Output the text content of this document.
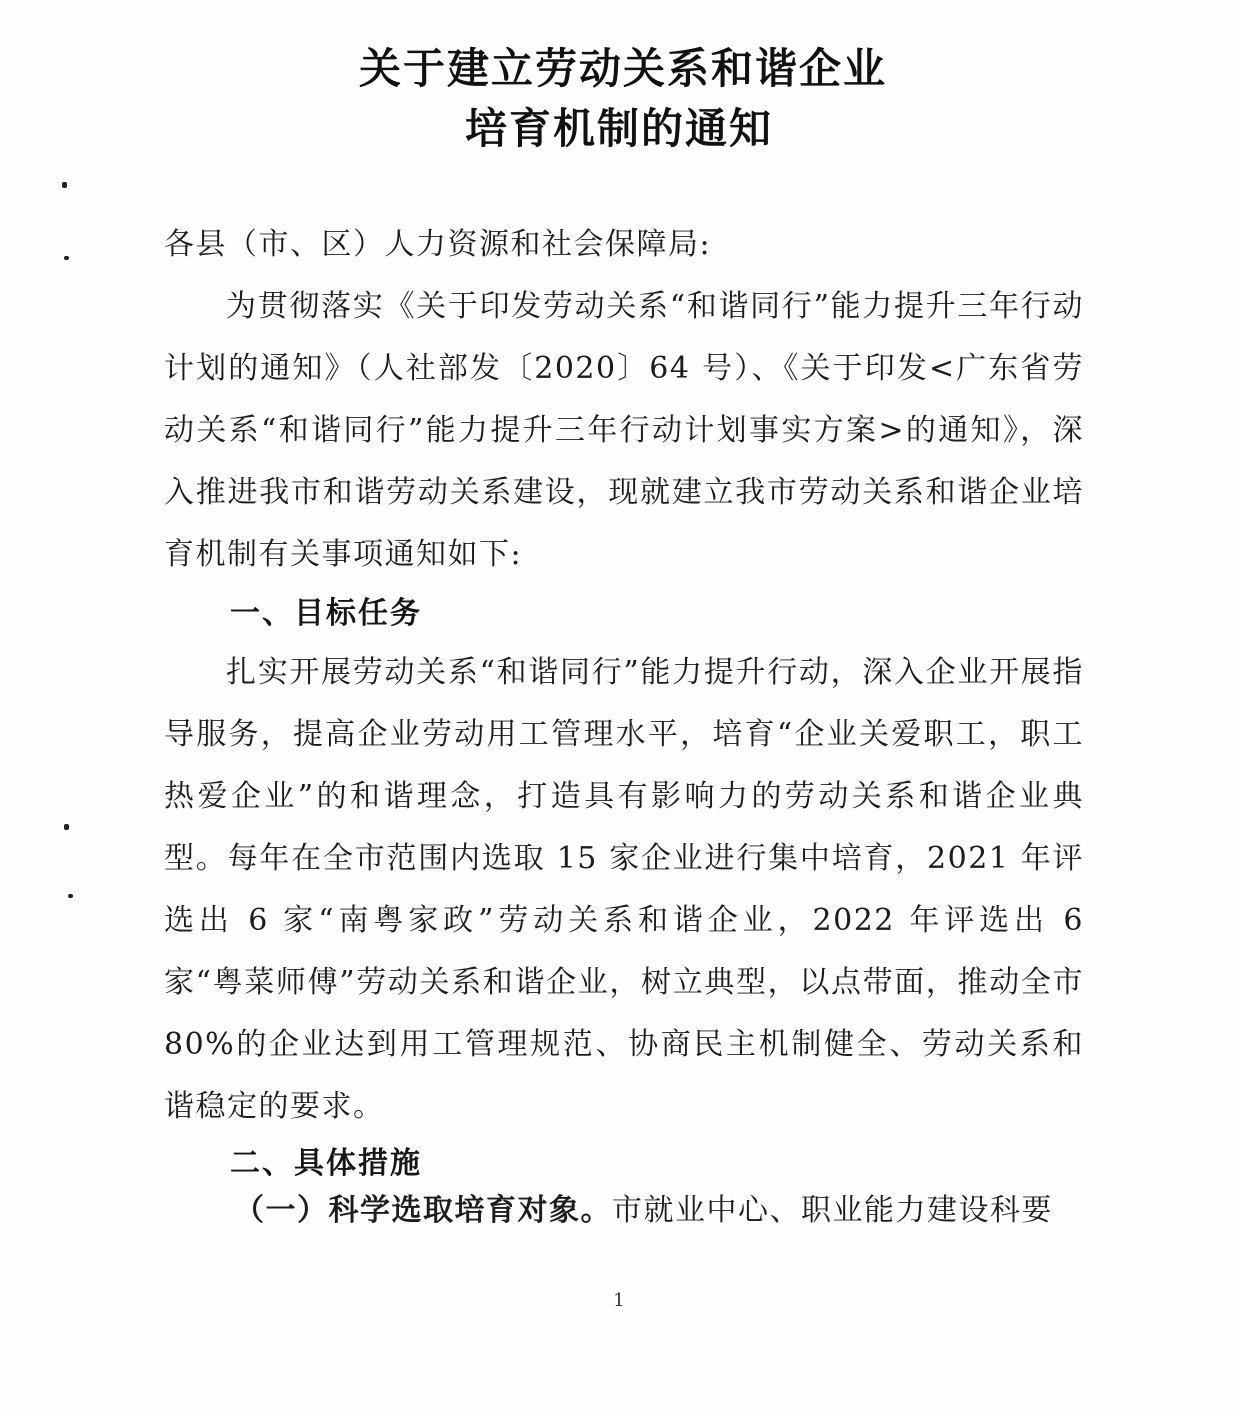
关于建立劳动关系和谐企业
培育机制的通知
各县（市、区）人力资源和社会保障局:
为贯彻落实《关于印发劳动关系“和谐同行”能力提升三年行动计划的通知》（人社部发〔2020〕64 号）、《关于印发<广东省劳动关系“和谐同行”能力提升三年行动计划事实方案>的通知》，深入推进我市和谐劳动关系建设，现就建立我市劳动关系和谐企业培育机制有关事项通知如下:
一、目标任务
扎实开展劳动关系“和谐同行”能力提升行动，深入企业开展指导服务，提高企业劳动用工管理水平，培育“企业关爱职工，职工热爱企业”的和谐理念，打造具有影响力的劳动关系和谐企业典型。每年在全市范围内选取 15 家企业进行集中培育，2021 年评选出 6 家“南粤家政”劳动关系和谐企业，2022 年评选出 6 家“粤菜师傅”劳动关系和谐企业，树立典型，以点带面，推动全市 80%的企业达到用工管理规范、协商民主机制健全、劳动关系和谐稳定的要求。
二、具体措施
（一）科学选取培育对象。市就业中心、职业能力建设科要
1
